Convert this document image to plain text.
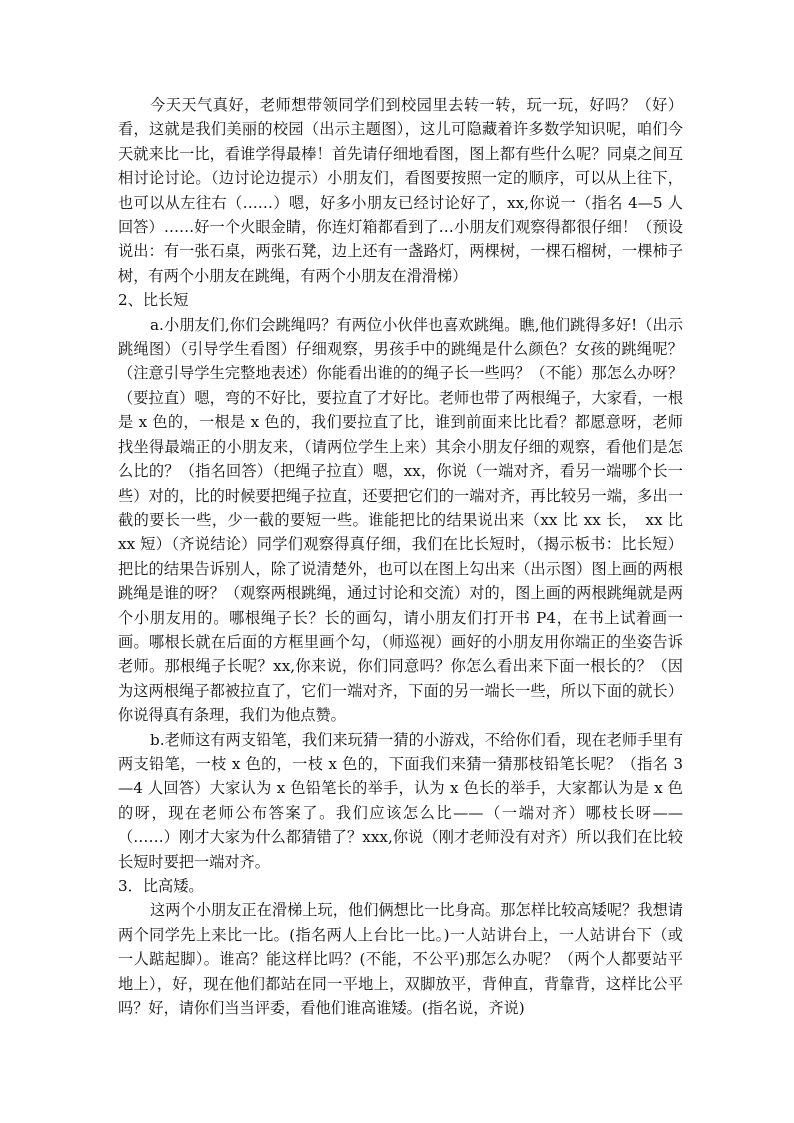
今天天气真好，老师想带领同学们到校园里去转一转，玩一玩，好吗？（好）看，这就是我们美丽的校园（出示主题图），这儿可隐藏着许多数学知识呢，咱们今天就来比一比，看谁学得最棒！首先请仔细地看图，图上都有些什么呢？同桌之间互相讨论讨论。（边讨论边提示）小朋友们，看图要按照一定的顺序，可以从上往下，也可以从左往右（……）嗯，好多小朋友已经讨论好了，xx,你说一（指名 4—5 人回答）……好一个火眼金睛，你连灯箱都看到了…小朋友们观察得都很仔细！（预设说出：有一张石桌，两张石凳，边上还有一盏路灯，两棵树，一棵石榴树，一棵柿子树，有两个小朋友在跳绳，有两个小朋友在滑滑梯）

2、比长短

a.小朋友们,你们会跳绳吗？有两位小伙伴也喜欢跳绳。瞧,他们跳得多好!（出示跳绳图）（引导学生看图）仔细观察，男孩手中的跳绳是什么颜色？女孩的跳绳呢？（注意引导学生完整地表述）你能看出谁的的绳子长一些吗？（不能）那怎么办呀？（要拉直）嗯，弯的不好比，要拉直了才好比。老师也带了两根绳子，大家看，一根是 x 色的，一根是 x 色的，我们要拉直了比，谁到前面来比比看？都愿意呀，老师找坐得最端正的小朋友来，（请两位学生上来）其余小朋友仔细的观察，看他们是怎么比的？（指名回答）（把绳子拉直）嗯，xx，你说（一端对齐，看另一端哪个长一些）对的，比的时候要把绳子拉直，还要把它们的一端对齐，再比较另一端，多出一截的要长一些，少一截的要短一些。谁能把比的结果说出来（xx 比 xx 长，　xx 比 xx 短）（齐说结论）同学们观察得真仔细，我们在比长短时，（揭示板书：比长短）把比的结果告诉别人，除了说清楚外，也可以在图上勾出来（出示图）图上画的两根跳绳是谁的呀？（观察两根跳绳，通过讨论和交流）对的，图上画的两根跳绳就是两个小朋友用的。哪根绳子长？长的画勾，请小朋友们打开书 P4，在书上试着画一画。哪根长就在后面的方框里画个勾，（师巡视）画好的小朋友用你端正的坐姿告诉老师。那根绳子长呢？xx,你来说，你们同意吗？你怎么看出来下面一根长的？（因为这两根绳子都被拉直了，它们一端对齐，下面的另一端长一些，所以下面的就长）你说得真有条理，我们为他点赞。

b.老师这有两支铅笔，我们来玩猜一猜的小游戏，不给你们看，现在老师手里有两支铅笔，一枝 x 色的，一枝 x 色的，下面我们来猜一猜那枝铅笔长呢？（指名 3—4 人回答）大家认为 x 色铅笔长的举手，认为 x 色长的举手，大家都认为是 x 色的呀，现在老师公布答案了。我们应该怎么比——（一端对齐）哪枝长呀——（……）刚才大家为什么都猜错了？xxx,你说（刚才老师没有对齐）所以我们在比较长短时要把一端对齐。

3．比高矮。

这两个小朋友正在滑梯上玩，他们俩想比一比身高。那怎样比较高矮呢？我想请两个同学先上来比一比。(指名两人上台比一比。)一人站讲台上，一人站讲台下（或一人踮起脚）。谁高？能这样比吗？(不能，不公平)那怎么办呢？（两个人都要站平地上），好，现在他们都站在同一平地上，双脚放平，背伸直，背靠背，这样比公平吗？好，请你们当当评委，看他们谁高谁矮。(指名说，齐说)
